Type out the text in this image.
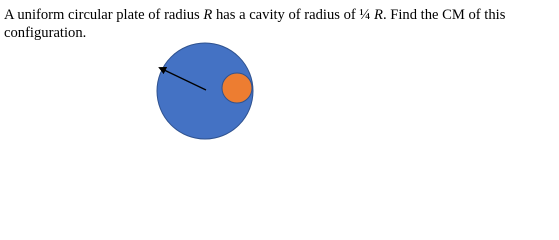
A uniform circular plate of radius R has a cavity of radius of ¼ R. Find the CM of this
configuration.
